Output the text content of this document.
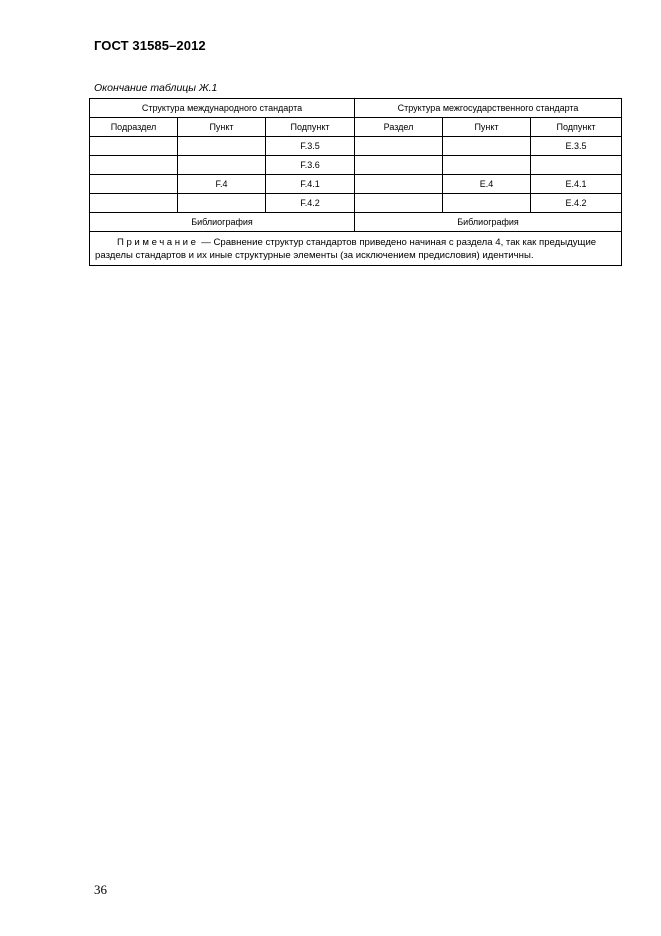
ГОСТ 31585–2012
Окончание таблицы Ж.1
Структура международного стандарта			Структура межгосударственного стандарта		
Подраздел	Пункт	Подпункт	Раздел	Пункт	Подпункт
		F.3.5			E.3.5
		F.3.6			
	F.4	F.4.1		E.4	E.4.1
		F.4.2			E.4.2
Библиография			Библиография		
Примечание — Сравнение структур стандартов приведено начиная с раздела 4, так как предыдущие разделы стандартов и их иные структурные элементы (за исключением предисловия) идентичны.					
36
